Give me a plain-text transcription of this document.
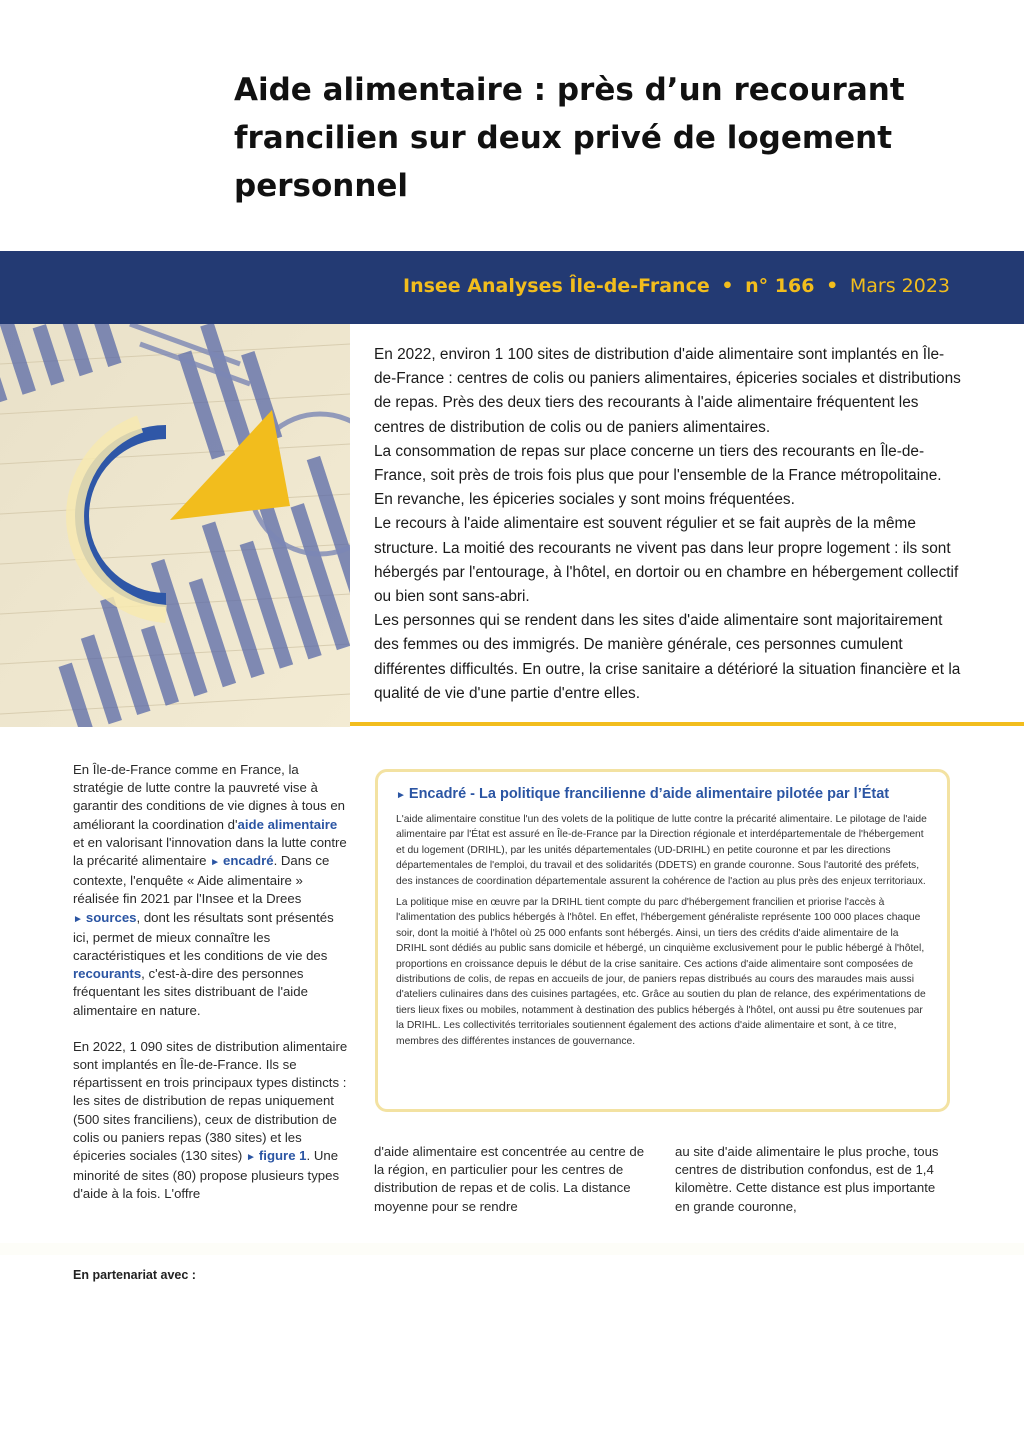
Aide alimentaire : près d’un recourant francilien sur deux privé de logement personnel
Insee Analyses Île-de-France • n° 166 • Mars 2023

En 2022, environ 1 100 sites de distribution d'aide alimentaire sont implantés en Île-de-France : centres de colis ou paniers alimentaires, épiceries sociales et distributions de repas. Près des deux tiers des recourants à l'aide alimentaire fréquentent les centres de distribution de colis ou de paniers alimentaires.

La consommation de repas sur place concerne un tiers des recourants en Île-de-France, soit près de trois fois plus que pour l'ensemble de la France métropolitaine. En revanche, les épiceries sociales y sont moins fréquentées.

Le recours à l'aide alimentaire est souvent régulier et se fait auprès de la même structure. La moitié des recourants ne vivent pas dans leur propre logement : ils sont hébergés par l'entourage, à l'hôtel, en dortoir ou en chambre en hébergement collectif ou bien sont sans-abri.

Les personnes qui se rendent dans les sites d'aide alimentaire sont majoritairement des femmes ou des immigrés. De manière générale, ces personnes cumulent différentes difficultés. En outre, la crise sanitaire a détérioré la situation financière et la qualité de vie d'une partie d'entre elles.

En Île-de-France comme en France, la stratégie de lutte contre la pauvreté vise à garantir des conditions de vie dignes à tous en améliorant la coordination d'aide alimentaire et en valorisant l'innovation dans la lutte contre la précarité alimentaire ► encadré. Dans ce contexte, l'enquête « Aide alimentaire » réalisée fin 2021 par l'Insee et la Drees ► sources, dont les résultats sont présentés ici, permet de mieux connaître les caractéristiques et les conditions de vie des recourants, c'est-à-dire des personnes fréquentant les sites distribuant de l'aide alimentaire en nature.

En 2022, 1 090 sites de distribution alimentaire sont implantés en Île-de-France. Ils se répartissent en trois principaux types distincts : les sites de distribution de repas uniquement (500 sites franciliens), ceux de distribution de colis ou paniers repas (380 sites) et les épiceries sociales (130 sites) ► figure 1. Une minorité de sites (80) propose plusieurs types d'aide à la fois. L'offre

► Encadré - La politique francilienne d’aide alimentaire pilotée par l’État

L'aide alimentaire constitue l'un des volets de la politique de lutte contre la précarité alimentaire. Le pilotage de l'aide alimentaire par l'État est assuré en Île-de-France par la Direction régionale et interdépartementale de l'hébergement et du logement (DRIHL), par les unités départementales (UD-DRIHL) en petite couronne et par les directions départementales de l'emploi, du travail et des solidarités (DDETS) en grande couronne. Sous l'autorité des préfets, des instances de coordination départementale assurent la cohérence de l'action au plus près des enjeux territoriaux.

La politique mise en œuvre par la DRIHL tient compte du parc d'hébergement francilien et priorise l'accès à l'alimentation des publics hébergés à l'hôtel. En effet, l'hébergement généraliste représente 100 000 places chaque soir, dont la moitié à l'hôtel où 25 000 enfants sont hébergés. Ainsi, un tiers des crédits d'aide alimentaire de la DRIHL sont dédiés au public sans domicile et hébergé, un cinquième exclusivement pour le public hébergé à l'hôtel, proportions en croissance depuis le début de la crise sanitaire. Ces actions d'aide alimentaire sont composées de distributions de colis, de repas en accueils de jour, de paniers repas distribués au cours des maraudes mais aussi d'ateliers culinaires dans des cuisines partagées, etc. Grâce au soutien du plan de relance, des expérimentations de tiers lieux fixes ou mobiles, notamment à destination des publics hébergés à l'hôtel, ont aussi pu être soutenues par la DRIHL. Les collectivités territoriales soutiennent également des actions d'aide alimentaire et sont, à ce titre, membres des différentes instances de gouvernance.

d'aide alimentaire est concentrée au centre de la région, en particulier pour les centres de distribution de repas et de colis. La distance moyenne pour se rendre

au site d'aide alimentaire le plus proche, tous centres de distribution confondus, est de 1,4 kilomètre. Cette distance est plus importante en grande couronne,

En partenariat avec :
